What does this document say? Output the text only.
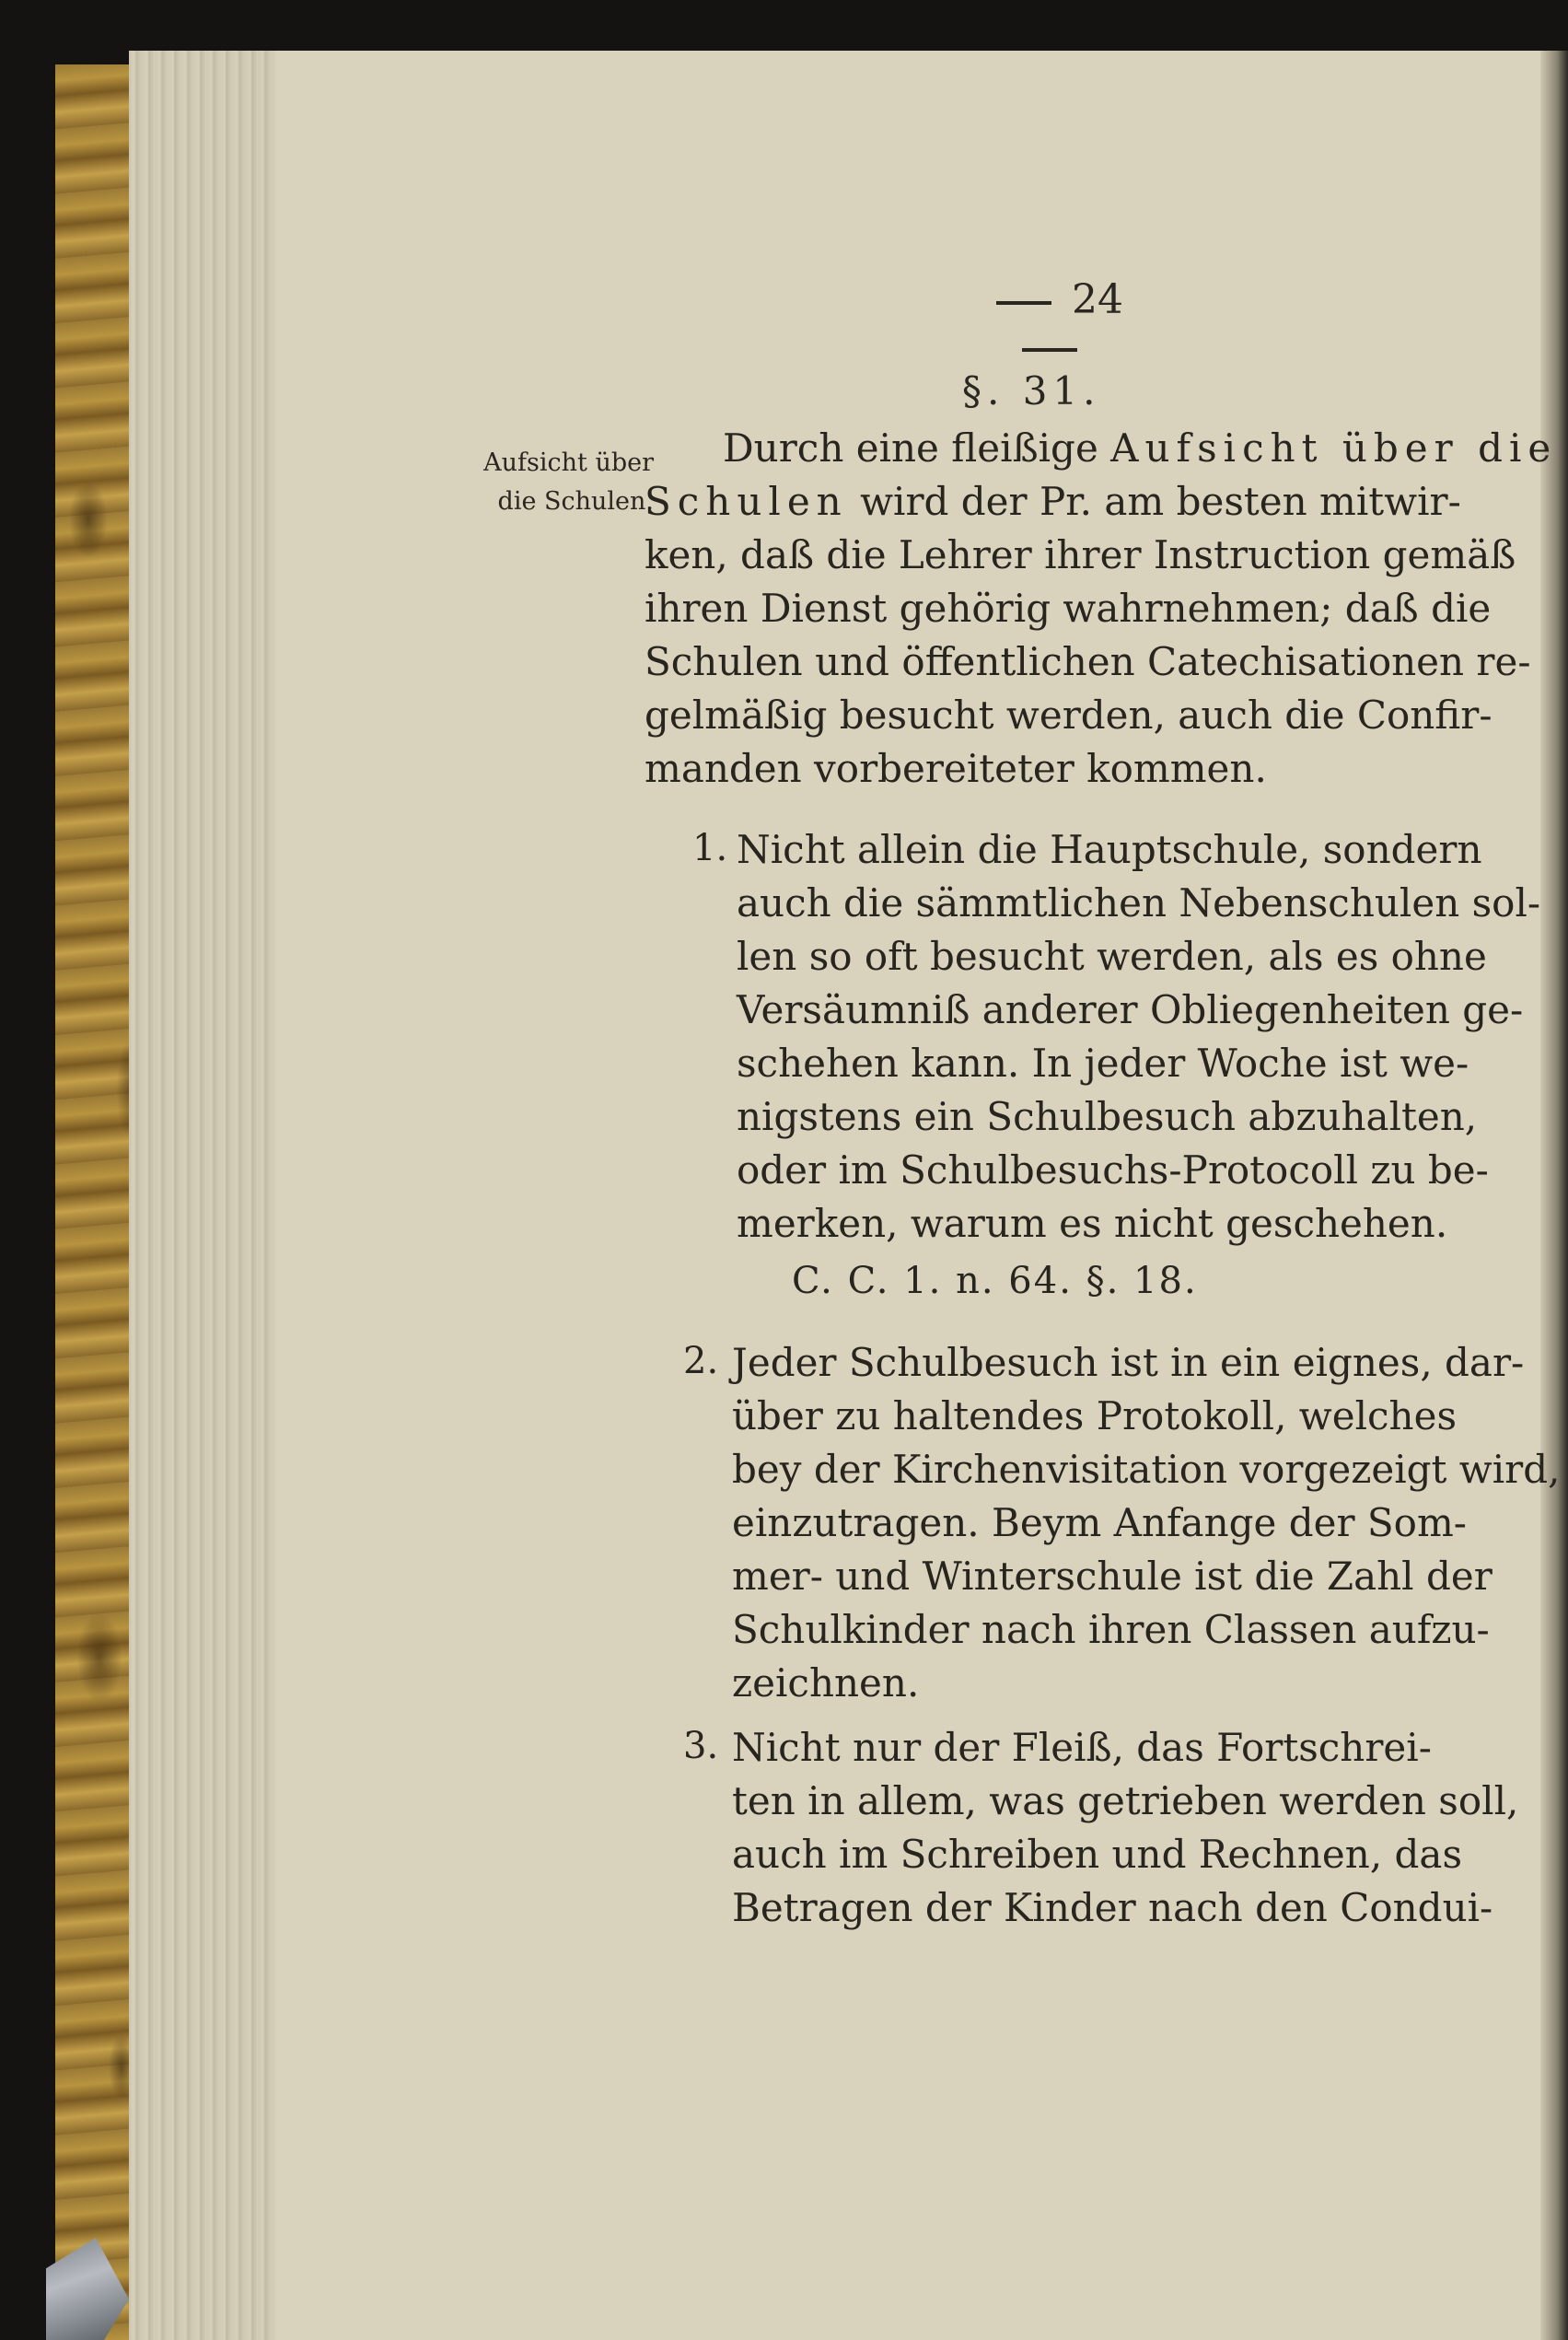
24
§. 31.
Aufsicht über
die Schulen.
Durch eine fleißige Aufsicht über die
Schulen wird der Pr. am besten mitwir-
ken, daß die Lehrer ihrer Instruction gemäß
ihren Dienst gehörig wahrnehmen; daß die
Schulen und öffentlichen Catechisationen re-
gelmäßig besucht werden, auch die Confir-
manden vorbereiteter kommen.
1. Nicht allein die Hauptschule, sondern
auch die sämmtlichen Nebenschulen sol-
len so oft besucht werden, als es ohne
Versäumniß anderer Obliegenheiten ge-
schehen kann. In jeder Woche ist we-
nigstens ein Schulbesuch abzuhalten,
oder im Schulbesuchs-Protocoll zu be-
merken, warum es nicht geschehen.
C. C. 1. n. 64. §. 18.
2. Jeder Schulbesuch ist in ein eignes, dar-
über zu haltendes Protokoll, welches
bey der Kirchenvisitation vorgezeigt wird,
einzutragen. Beym Anfange der Som-
mer- und Winterschule ist die Zahl der
Schulkinder nach ihren Classen aufzu-
zeichnen.
3. Nicht nur der Fleiß, das Fortschrei-
ten in allem, was getrieben werden soll,
auch im Schreiben und Rechnen, das
Betragen der Kinder nach den Condui-
